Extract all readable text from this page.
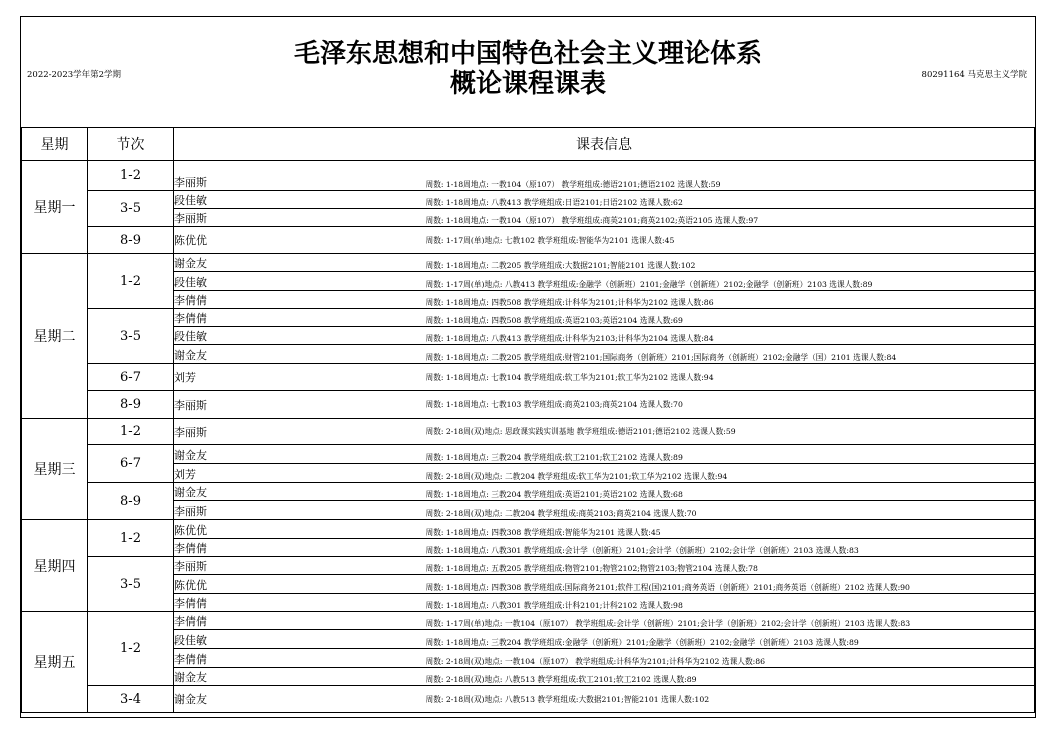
2022-2023学年第2学期
毛泽东思想和中国特色社会主义理论体系
概论课程课表	80291164 马克思主义学院
星期	节次	课表信息	
星期一	1-2	李丽斯	周数: 1-18周地点: 一教104（原107） 教学班组成:德语2101;德语2102 选课人数:59
	3-5	段佳敏	周数: 1-18周地点: 八教413 教学班组成:日语2101;日语2102 选课人数:62
		李丽斯	周数: 1-18周地点: 一教104（原107） 教学班组成:商英2101;商英2102;英语2105 选课人数:97
	8-9	陈优优	周数: 1-17周(单)地点: 七教102 教学班组成:智能华为2101 选课人数:45
星期二	1-2	谢金友	周数: 1-18周地点: 二教205 教学班组成:大数据2101;智能2101 选课人数:102
		段佳敏	周数: 1-17周(单)地点: 八教413 教学班组成:金融学（创新班）2101;金融学（创新班）2102;金融学（创新班）2103 选课人数:89
		李倩倩	周数: 1-18周地点: 四教508 教学班组成:计科华为2101;计科华为2102 选课人数:86
	3-5	李倩倩	周数: 1-18周地点: 四教508 教学班组成:英语2103;英语2104 选课人数:69
		段佳敏	周数: 1-18周地点: 八教413 教学班组成:计科华为2103;计科华为2104 选课人数:84
		谢金友	周数: 1-18周地点: 二教205 教学班组成:财管2101;国际商务（创新班）2101;国际商务（创新班）2102;金融学（国）2101 选课人数:84
	6-7	刘芳	周数: 1-18周地点: 七教104 教学班组成:软工华为2101;软工华为2102 选课人数:94
	8-9	李丽斯	周数: 1-18周地点: 七教103 教学班组成:商英2103;商英2104 选课人数:70
星期三	1-2	李丽斯	周数: 2-18周(双)地点: 思政课实践实训基地 教学班组成:德语2101;德语2102 选课人数:59
	6-7	谢金友	周数: 1-18周地点: 三教204 教学班组成:软工2101;软工2102 选课人数:89
		刘芳	周数: 2-18周(双)地点: 二教204 教学班组成:软工华为2101;软工华为2102 选课人数:94
	8-9	谢金友	周数: 1-18周地点: 三教204 教学班组成:英语2101;英语2102 选课人数:68
		李丽斯	周数: 2-18周(双)地点: 二教204 教学班组成:商英2103;商英2104 选课人数:70
星期四	1-2	陈优优	周数: 1-18周地点: 四教308 教学班组成:智能华为2101 选课人数:45
		李倩倩	周数: 1-18周地点: 八教301 教学班组成:会计学（创新班）2101;会计学（创新班）2102;会计学（创新班）2103 选课人数:83
	3-5	李丽斯	周数: 1-18周地点: 五教205 教学班组成:物管2101;物管2102;物管2103;物管2104 选课人数:78
		陈优优	周数: 1-18周地点: 四教308 教学班组成:国际商务2101;软件工程(国)2101;商务英语（创新班）2101;商务英语（创新班）2102 选课人数:90
		李倩倩	周数: 1-18周地点: 八教301 教学班组成:计科2101;计科2102 选课人数:98
星期五	1-2	李倩倩	周数: 1-17周(单)地点: 一教104（原107） 教学班组成:会计学（创新班）2101;会计学（创新班）2102;会计学（创新班）2103 选课人数:83
		段佳敏	周数: 1-18周地点: 三教204 教学班组成:金融学（创新班）2101;金融学（创新班）2102;金融学（创新班）2103 选课人数:89
		李倩倩	周数: 2-18周(双)地点: 一教104（原107） 教学班组成:计科华为2101;计科华为2102 选课人数:86
		谢金友	周数: 2-18周(双)地点: 八教513 教学班组成:软工2101;软工2102 选课人数:89
	3-4	谢金友	周数: 2-18周(双)地点: 八教513 教学班组成:大数据2101;智能2101 选课人数:102
